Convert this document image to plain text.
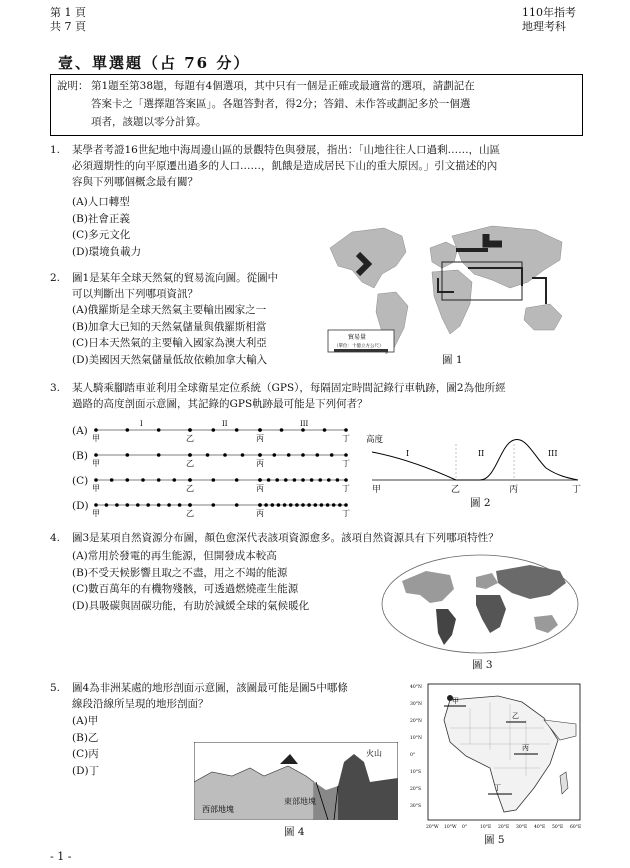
第 1 頁
共 7 頁
110年指考
地理考科
壹、單選題（占 76 分）
說明： 第1題至第38題，每題有4個選項，其中只有一個是正確或最適當的選項，請劃記在
答案卡之「選擇題答案區」。各題答對者，得2分；答錯、未作答或劃記多於一個選
項者，該題以零分計算。
1. 某學者考證16世紀地中海周邊山區的景觀特色與發展，指出：「山地往往人口過剩……，山區
必須週期性的向平原遷出過多的人口……，飢餓是造成居民下山的重大原因。」引文描述的內
容與下列哪個概念最有關？
(A)人口轉型
(B)社會正義
(C)多元文化
(D)環境負載力
2. 圖1是某年全球天然氣的貿易流向圖。從圖中
可以判斷出下列哪項資訊？
(A)俄羅斯是全球天然氣主要輸出國家之一
(B)加拿大已知的天然氣儲量與俄羅斯相當
(C)日本天然氣的主要輸入國家為澳大利亞
(D)美國因天然氣儲量低故依賴加拿大輸入
貿易量
（單位：十億立方公尺）
圖 1
3. 某人騎乘腳踏車並利用全球衛星定位系統（GPS），每隔固定時間記錄行車軌跡，圖2為他所經
過路的高度剖面示意圖，其記錄的GPS軌跡最可能是下列何者？
(A)
(B)
(C)
(D)
甲	乙	丙	丁
I	II	III
甲	乙	丙	丁
甲	乙	丙	丁
甲	乙	丙	丁
高度
I	II	III
甲	乙	丙	丁
圖 2
4. 圖3是某項自然資源分布圖，顏色愈深代表該項資源愈多。該項自然資源具有下列哪項特性？
(A)常用於發電的再生能源，但開發成本較高
(B)不受天候影響且取之不盡，用之不竭的能源
(C)數百萬年的有機物殘骸，可透過燃燒產生能源
(D)具吸碳與固碳功能，有助於減緩全球的氣候暖化
圖 3
5. 圖4為非洲某處的地形剖面示意圖，該圖最可能是圖5中哪條
線段沿線所呈現的地形剖面？
(A)甲
(B)乙
(C)丙
(D)丁
火山
西部地塊
東部地塊
圖 4
甲
乙
丙
丁
40°N
30°N
20°N
10°N
0°
10°S
20°S
30°S
20°W 10°W 0°	10°E 20°E 30°E 40°E 50°E 60°E
圖 5
- 1 -
